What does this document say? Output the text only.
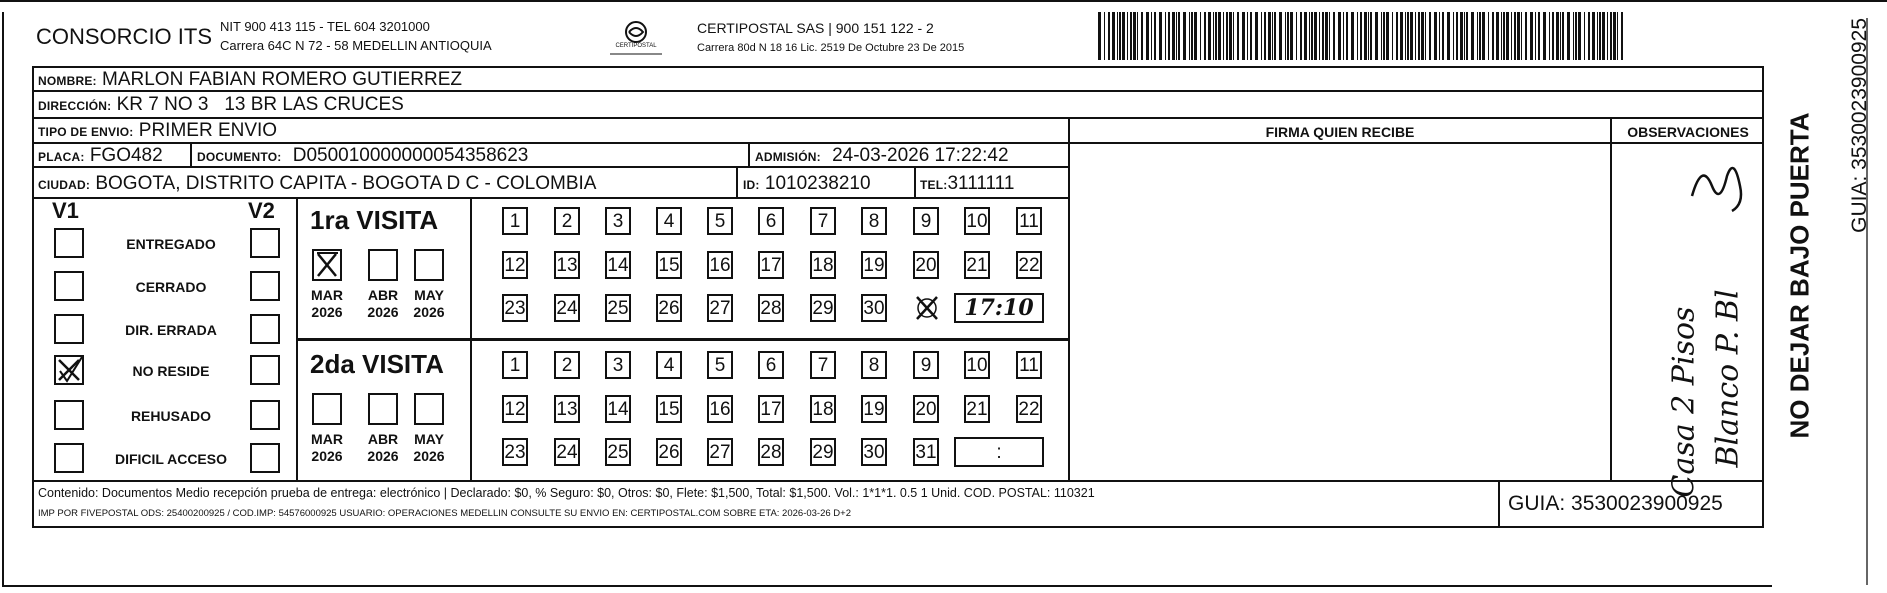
CONSORCIO ITS NIT 900 413 115 - TEL 604 3201000
Carrera 64C N 72 - 58 MEDELLIN ANTIOQUIA	CERTIPOSTAL
CERTIPOSTAL SAS | 900 151 122 - 2
Carrera 80d N 18 16 Lic. 2519 De Octubre 23 De 2015
NOMBRE: MARLON FABIAN ROMERO GUTIERREZ
DIRECCIÓN: KR 7 NO 3   13 BR LAS CRUCES
TIPO DE ENVIO: PRIMER ENVIO
PLACA: FGO482	DOCUMENTO: D050010000000054358623	ADMISIÓN: 24-03-2026 17:22:42
CIUDAD: BOGOTA, DISTRITO CAPITA - BOGOTA D C - COLOMBIA	ID: 1010238210	TEL:3111111
FIRMA QUIEN RECIBE	OBSERVACIONES
V1	V2
ENTREGADO
CERRADO
DIR. ERRADA
NO RESIDE
REHUSADO
DIFICIL ACCESO
1ra VISITA
MAR
2026
ABR
2026
MAY
2026
1 2 3 4 5 6 7 8 9 10 11
12 13 14 15 16 17 18 19 20 21 22
23 24 25 26 27 28 29 30	17:10
2da VISITA
MAR
2026
ABR
2026
MAY
2026
1 2 3 4 5 6 7 8 9 10 11
12 13 14 15 16 17 18 19 20 21 22
23 24 25 26 27 28 29 30 31	:	Casa 2 Pisos Blanco P. Bl
Contenido: Documentos Medio recepción prueba de entrega: electrónico | Declarado: $0, % Seguro: $0, Otros: $0, Flete: $1,500, Total: $1,500. Vol.: 1*1*1. 0.5 1 Unid. COD. POSTAL: 110321
IMP POR FIVEPOSTAL ODS: 25400200925 / COD.IMP: 54576000925 USUARIO: OPERACIONES MEDELLIN CONSULTE SU ENVIO EN: CERTIPOSTAL.COM SOBRE ETA: 2026-03-26 D+2	GUIA: 3530023900925
NO DEJAR BAJO PUERTA GUIA: 3530023900925
